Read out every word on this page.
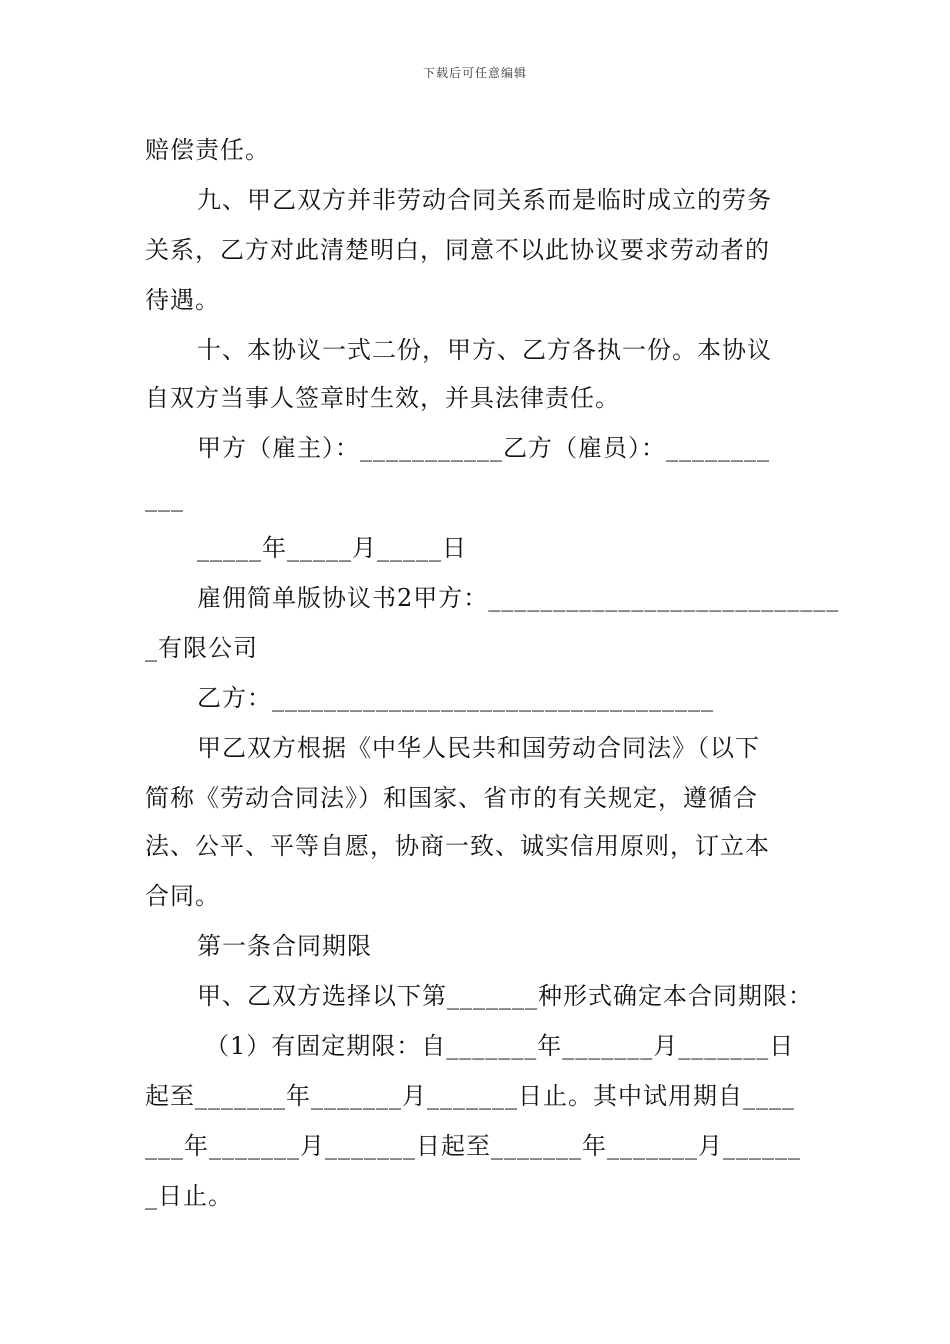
下载后可任意编辑
赔偿责任。
九、甲乙双方并非劳动合同关系而是临时成立的劳务
关系，乙方对此清楚明白，同意不以此协议要求劳动者的
待遇。
十、本协议一式二份，甲方、乙方各执一份。本协议
自双方当事人签章时生效，并具法律责任。
甲方（雇主）：___________乙方（雇员）：________
___
_____年_____月_____日
雇佣简单版协议书2甲方：___________________________
_有限公司
乙方：__________________________________
甲乙双方根据《中华人民共和国劳动合同法》（以下
简称《劳动合同法》）和国家、省市的有关规定，遵循合
法、公平、平等自愿，协商一致、诚实信用原则，订立本
合同。
第一条合同期限
甲、乙双方选择以下第_______种形式确定本合同期限：
（1）有固定期限：自_______年_______月_______日
起至_______年_______月_______日止。其中试用期自____
___年_______月_______日起至_______年_______月______
_日止。
